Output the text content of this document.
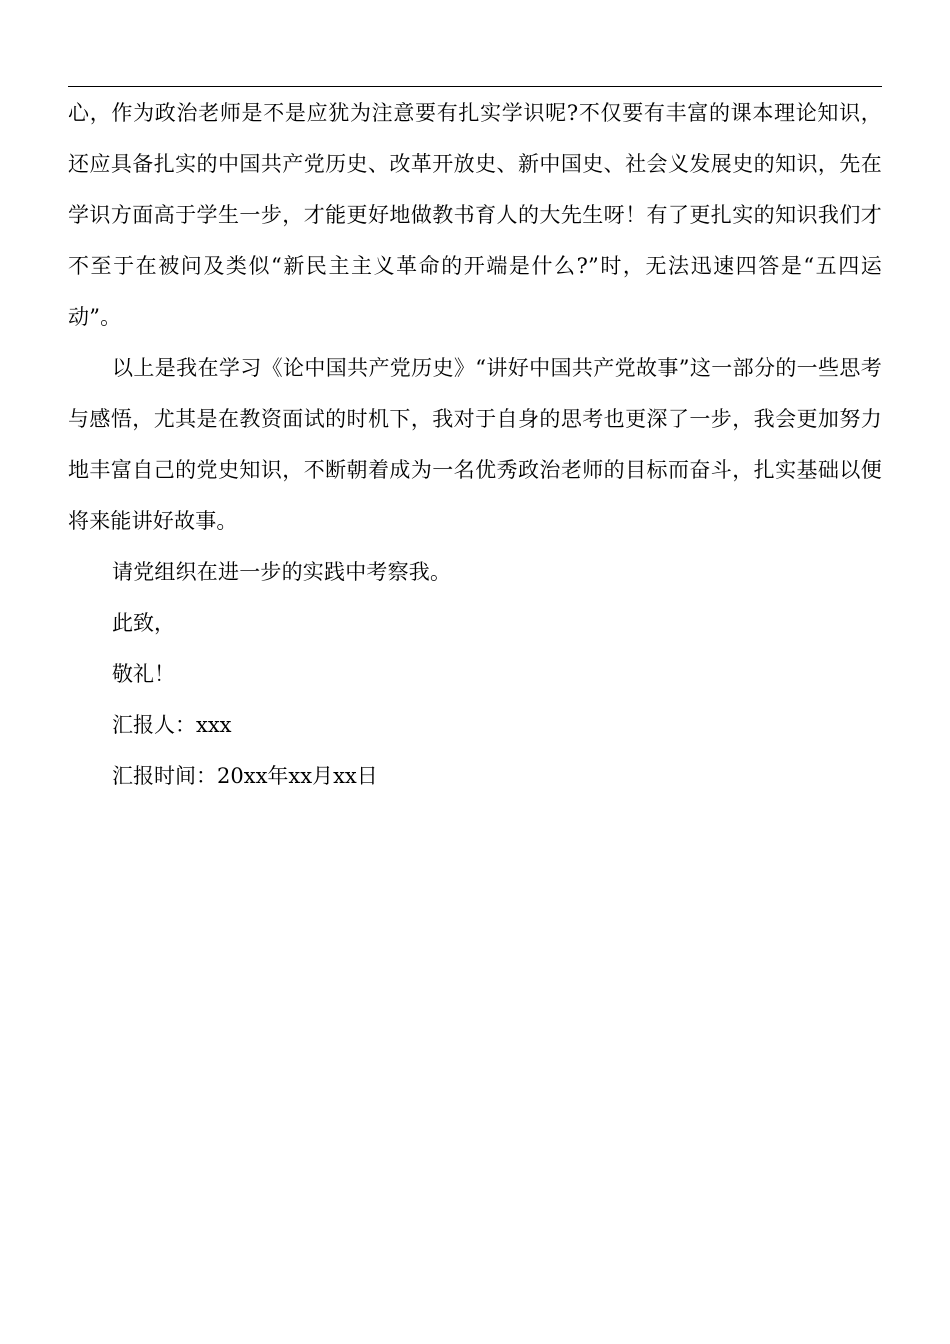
心，作为政治老师是不是应犹为注意要有扎实学识呢?不仅要有丰富的课本理论知识，还应具备扎实的中国共产党历史、改革开放史、新中国史、社会义发展史的知识，先在学识方面高于学生一步，才能更好地做教书育人的大先生呀！有了更扎实的知识我们才不至于在被问及类似“新民主主义革命的开端是什么?”时，无法迅速四答是“五四运动”。

以上是我在学习《论中国共产党历史》“讲好中国共产党故事”这一部分的一些思考与感悟，尤其是在教资面试的时机下，我对于自身的思考也更深了一步，我会更加努力地丰富自己的党史知识，不断朝着成为一名优秀政治老师的目标而奋斗，扎实基础以便将来能讲好故事。

请党组织在进一步的实践中考察我。

此致，

敬礼！

汇报人：xxx

汇报时间：20xx年xx月xx日
